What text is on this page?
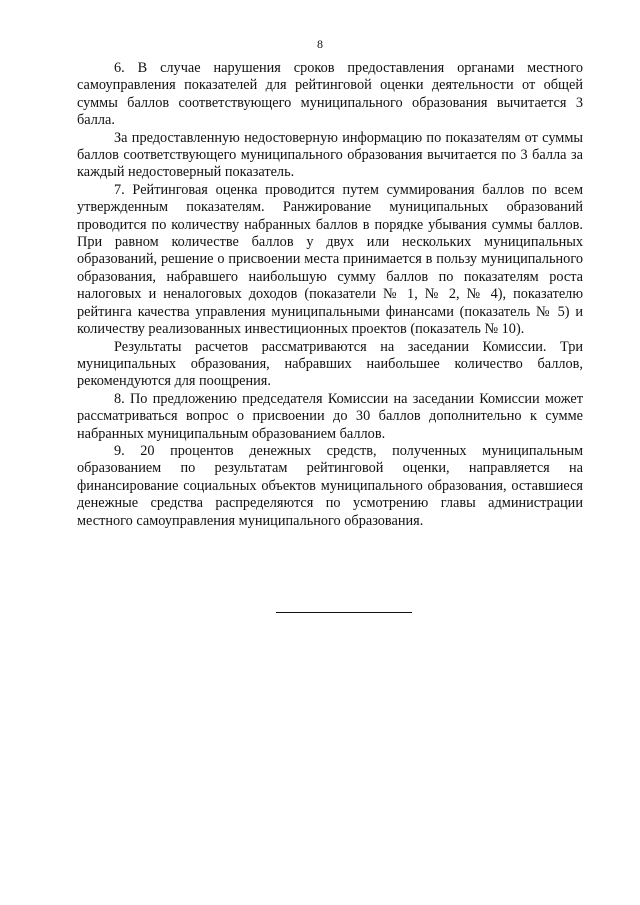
8

6. В случае нарушения сроков предоставления органами местного самоуправления показателей для рейтинговой оценки деятельности от общей суммы баллов соответствующего муниципального образования вычитается 3 балла.

За предоставленную недостоверную информацию по показателям от суммы баллов соответствующего муниципального образования вычитается по 3 балла за каждый недостоверный показатель.

7. Рейтинговая оценка проводится путем суммирования баллов по всем утвержденным показателям. Ранжирование муниципальных образований проводится по количеству набранных баллов в порядке убывания суммы баллов. При равном количестве баллов у двух или нескольких муниципальных образований, решение о присвоении места принимается в пользу муниципального образования, набравшего наибольшую сумму баллов по показателям роста налоговых и неналоговых доходов (показатели № 1, № 2, № 4), показателю рейтинга качества управления муниципальными финансами (показатель № 5) и количеству реализованных инвестиционных проектов (показатель № 10).

Результаты расчетов рассматриваются на заседании Комиссии. Три муниципальных образования, набравших наибольшее количество баллов, рекомендуются для поощрения.

8. По предложению председателя Комиссии на заседании Комиссии может рассматриваться вопрос о присвоении до 30 баллов дополнительно к сумме набранных муниципальным образованием баллов.

9. 20 процентов денежных средств, полученных муниципальным образованием по результатам рейтинговой оценки, направляется на финансирование социальных объектов муниципального образования, оставшиеся денежные средства распределяются по усмотрению главы администрации местного самоуправления муниципального образования.
